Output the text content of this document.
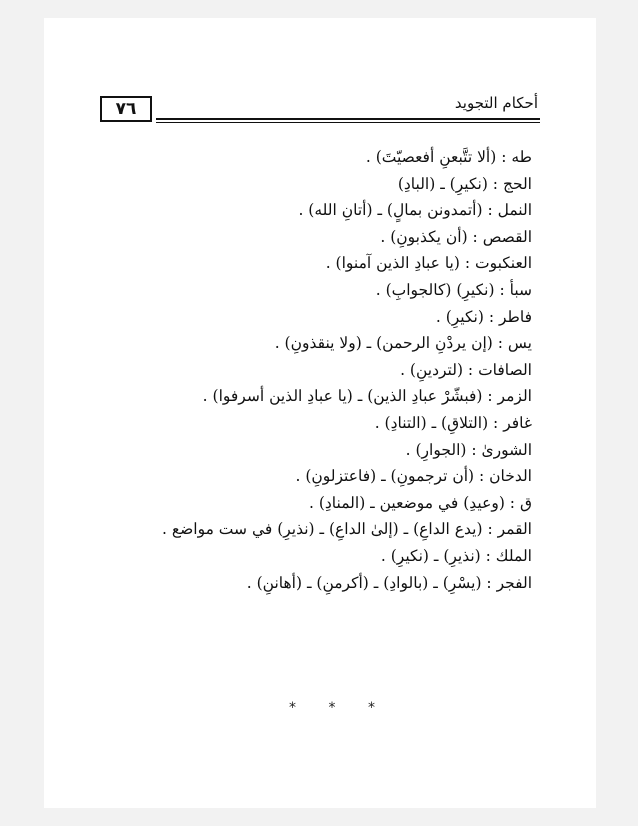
٧٦	أحكام التجويد
طه : (ألا تتَّبعنِ أفعصيّتَ) .
الحج : (نكيرِ) ـ (البادِ)
النمل : (أتمدونن بمالٍ) ـ (أتانِ الله) .
القصص : (أن يكذبونِ) .
العنكبوت : (يا عبادِ الذين آمنوا) .
سبأ : (نكيرِ) (كالجوابِ) .
فاطر : (نكيرِ) .
يس : (إن يردْنِ الرحمن) ـ (ولا ينقذونِ) .
الصافات : (لتردينِ) .
الزمر : (فبشّرْ عبادِ الذين) ـ (يا عبادِ الذين أسرفوا) .
غافر : (التلاقِ) ـ (التنادِ) .
الشورىٰ : (الجوارِ) .
الدخان : (أن ترجمونِ) ـ (فاعتزلونِ) .
ق : (وعيدِ) في موضعين ـ (المنادِ) .
القمر : (يدع الداعِ) ـ (إلىٰ الداعِ) ـ (نذيرِ) في ست مواضع .
الملك : (نذيرِ) ـ (نكيرِ) .
الفجر : (يسْرِ) ـ (بالوادِ) ـ (أكرمنِ) ـ (أهاننِ) .
* * *
